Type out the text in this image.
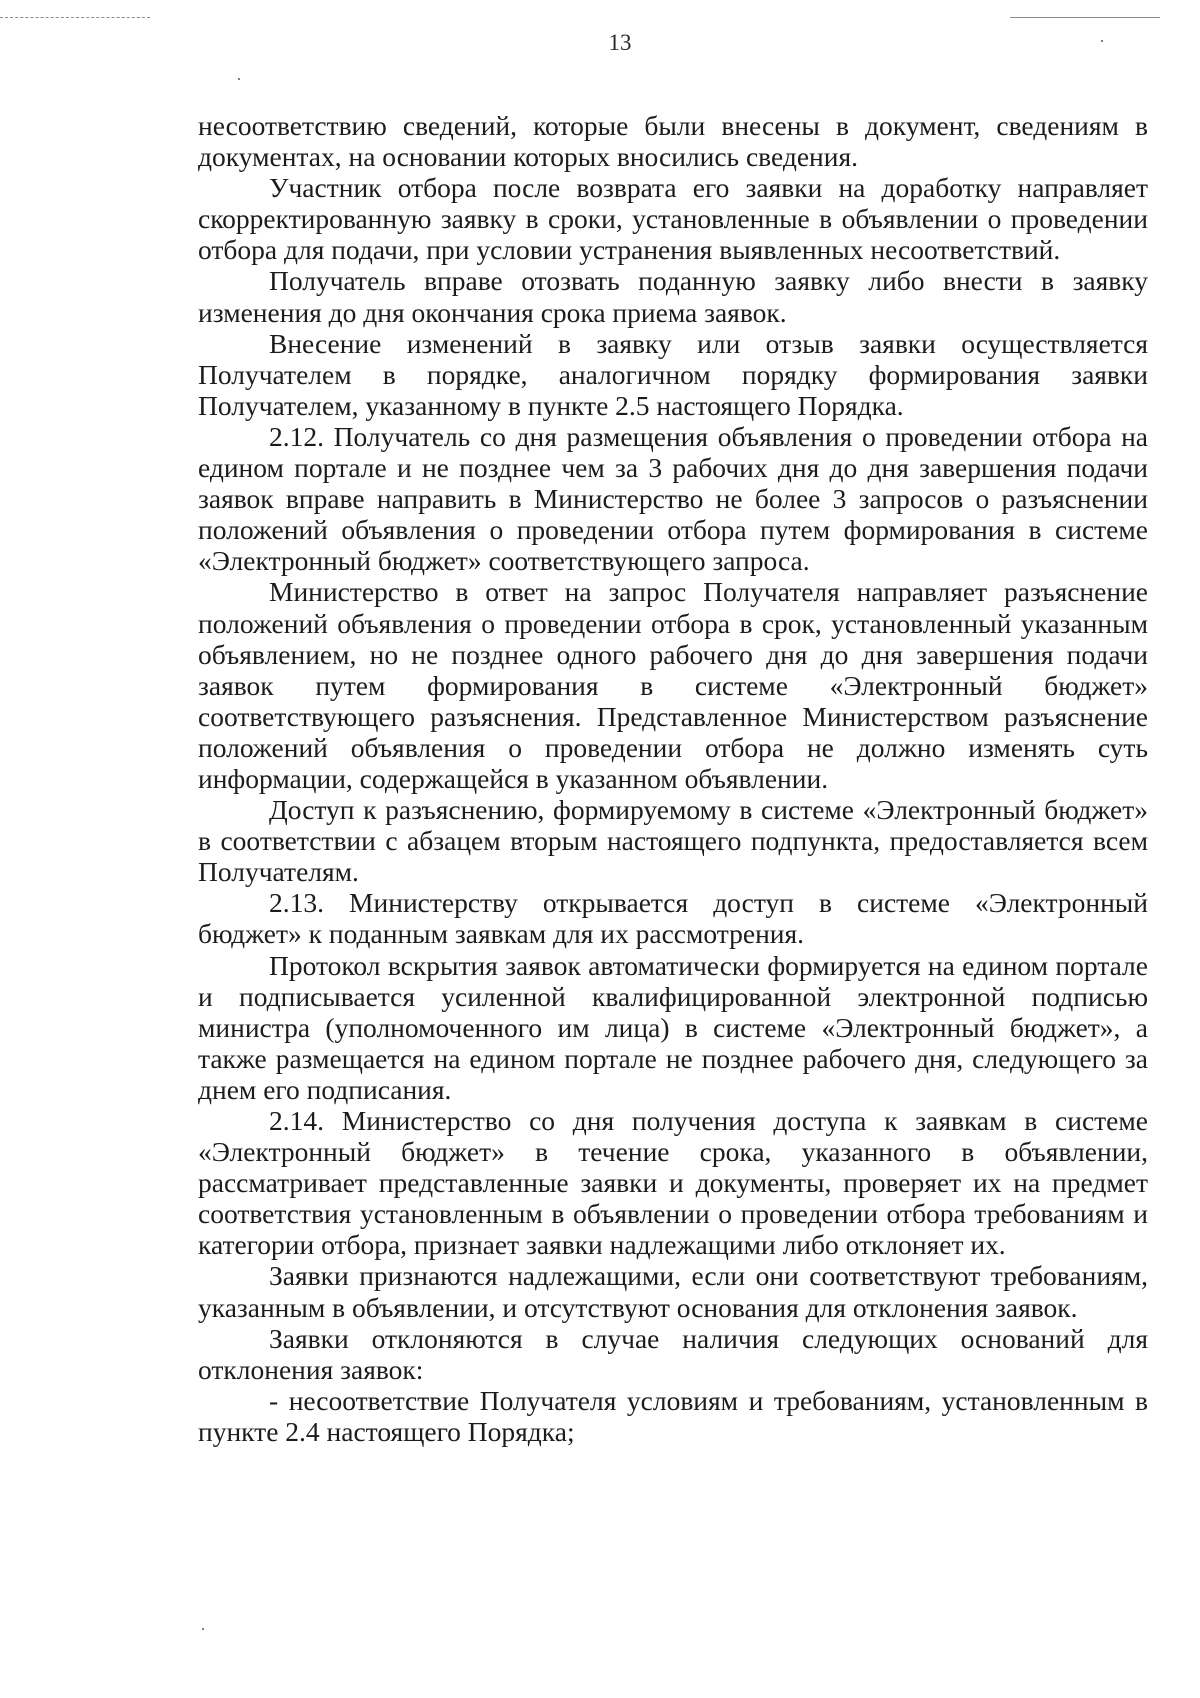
13

несоответствию сведений, которые были внесены в документ, сведениям в документах, на основании которых вносились сведения.

Участник отбора после возврата его заявки на доработку направляет скорректированную заявку в сроки, установленные в объявлении о проведении отбора для подачи, при условии устранения выявленных несоответствий.

Получатель вправе отозвать поданную заявку либо внести в заявку изменения до дня окончания срока приема заявок.

Внесение изменений в заявку или отзыв заявки осуществляется Получателем в порядке, аналогичном порядку формирования заявки Получателем, указанному в пункте 2.5 настоящего Порядка.

2.12. Получатель со дня размещения объявления о проведении отбора на едином портале и не позднее чем за 3 рабочих дня до дня завершения подачи заявок вправе направить в Министерство не более 3 запросов о разъяснении положений объявления о проведении отбора путем формирования в системе «Электронный бюджет» соответствующего запроса.

Министерство в ответ на запрос Получателя направляет разъяснение положений объявления о проведении отбора в срок, установленный указанным объявлением, но не позднее одного рабочего дня до дня завершения подачи заявок путем формирования в системе «Электронный бюджет» соответствующего разъяснения. Представленное Министерством разъяснение положений объявления о проведении отбора не должно изменять суть информации, содержащейся в указанном объявлении.

Доступ к разъяснению, формируемому в системе «Электронный бюджет» в соответствии с абзацем вторым настоящего подпункта, предоставляется всем Получателям.

2.13. Министерству открывается доступ в системе «Электронный бюджет» к поданным заявкам для их рассмотрения.

Протокол вскрытия заявок автоматически формируется на едином портале и подписывается усиленной квалифицированной электронной подписью министра (уполномоченного им лица) в системе «Электронный бюджет», а также размещается на едином портале не позднее рабочего дня, следующего за днем его подписания.

2.14. Министерство со дня получения доступа к заявкам в системе «Электронный бюджет» в течение срока, указанного в объявлении, рассматривает представленные заявки и документы, проверяет их на предмет соответствия установленным в объявлении о проведении отбора требованиям и категории отбора, признает заявки надлежащими либо отклоняет их.

Заявки признаются надлежащими, если они соответствуют требованиям, указанным в объявлении, и отсутствуют основания для отклонения заявок.

Заявки отклоняются в случае наличия следующих оснований для отклонения заявок:

- несоответствие Получателя условиям и требованиям, установленным в пункте 2.4 настоящего Порядка;
